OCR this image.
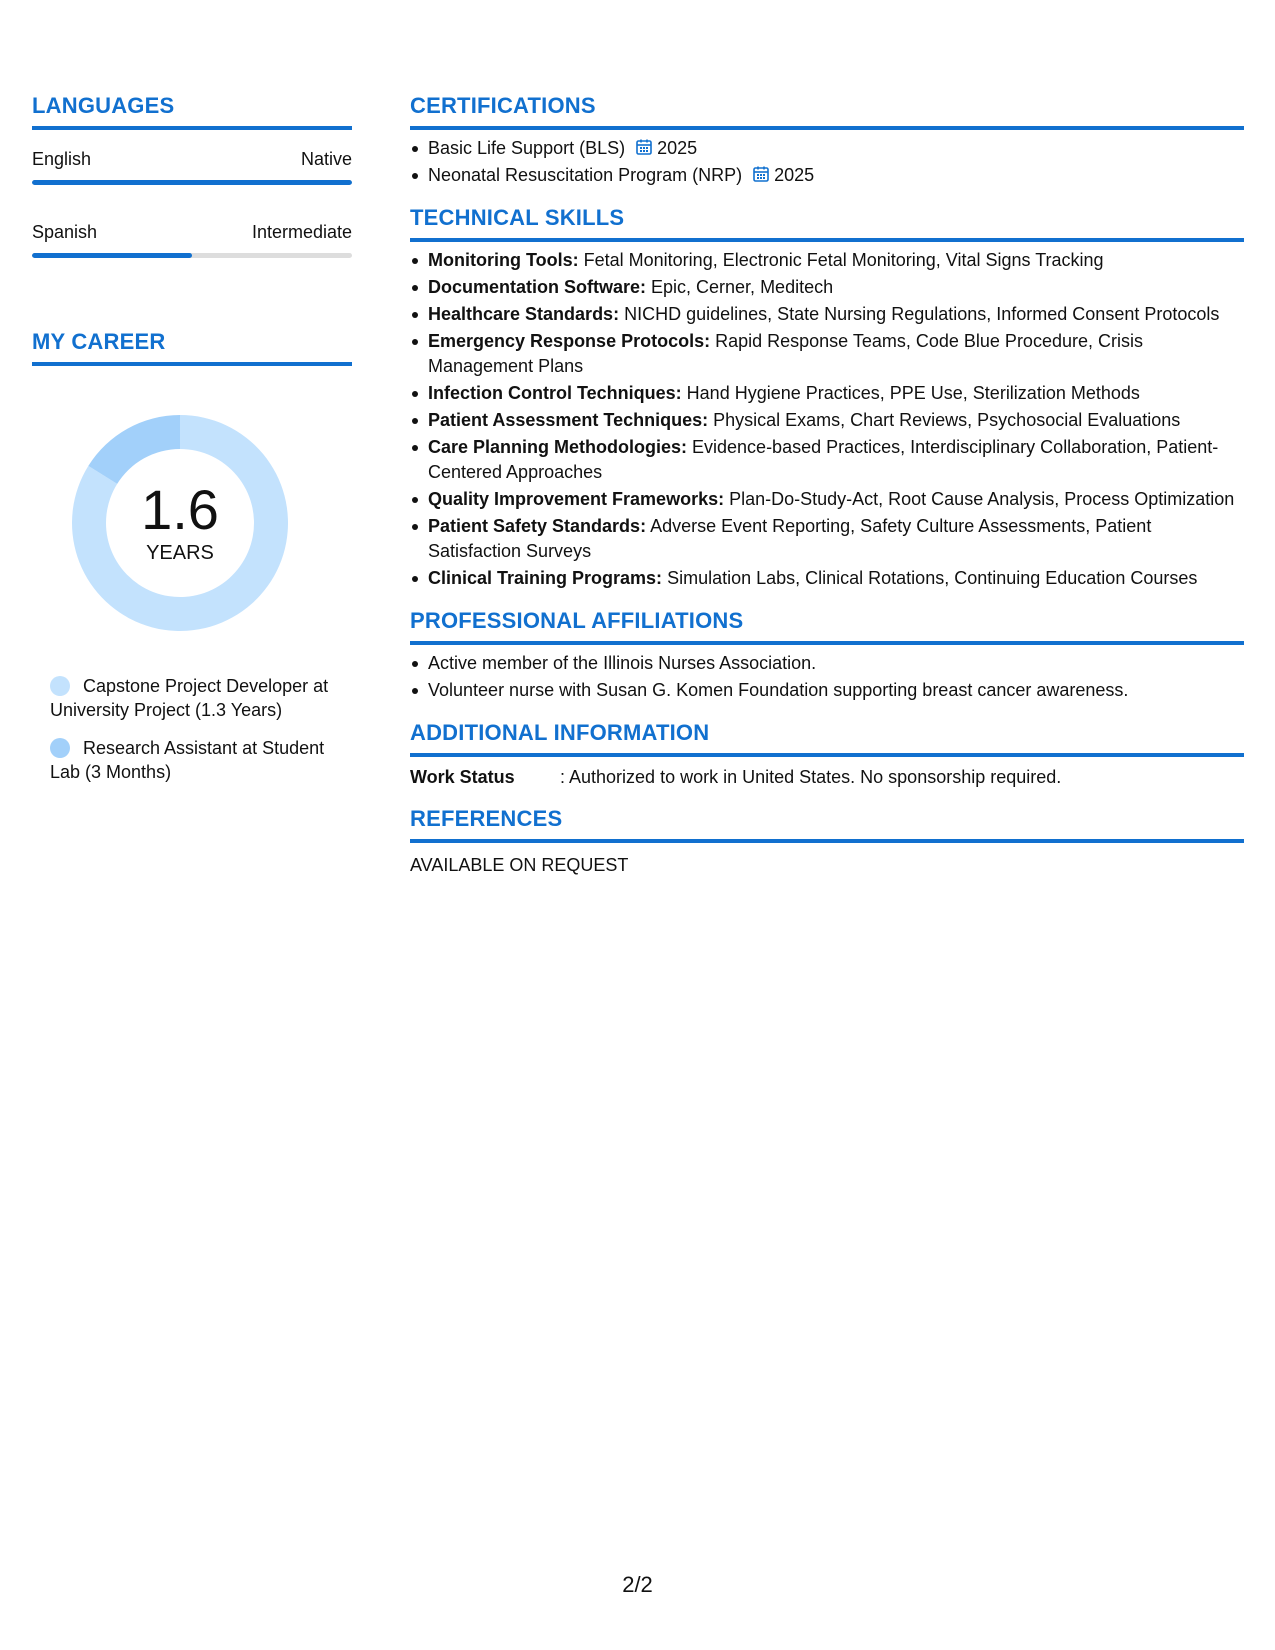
LANGUAGES
English	Native
Spanish	Intermediate
MY CAREER
1.6
YEARS
Capstone Project Developer at University Project (1.3 Years)
Research Assistant at Student Lab (3 Months)
CERTIFICATIONS
Basic Life Support (BLS) 2025
Neonatal Resuscitation Program (NRP) 2025
TECHNICAL SKILLS
Monitoring Tools: Fetal Monitoring, Electronic Fetal Monitoring, Vital Signs Tracking
Documentation Software: Epic, Cerner, Meditech
Healthcare Standards: NICHD guidelines, State Nursing Regulations, Informed Consent Protocols
Emergency Response Protocols: Rapid Response Teams, Code Blue Procedure, Crisis Management Plans
Infection Control Techniques: Hand Hygiene Practices, PPE Use, Sterilization Methods
Patient Assessment Techniques: Physical Exams, Chart Reviews, Psychosocial Evaluations
Care Planning Methodologies: Evidence-based Practices, Interdisciplinary Collaboration, Patient-Centered Approaches
Quality Improvement Frameworks: Plan-Do-Study-Act, Root Cause Analysis, Process Optimization
Patient Safety Standards: Adverse Event Reporting, Safety Culture Assessments, Patient Satisfaction Surveys
Clinical Training Programs: Simulation Labs, Clinical Rotations, Continuing Education Courses
PROFESSIONAL AFFILIATIONS
Active member of the Illinois Nurses Association.
Volunteer nurse with Susan G. Komen Foundation supporting breast cancer awareness.
ADDITIONAL INFORMATION
Work Status	: Authorized to work in United States. No sponsorship required.
REFERENCES
AVAILABLE ON REQUEST
2/2
